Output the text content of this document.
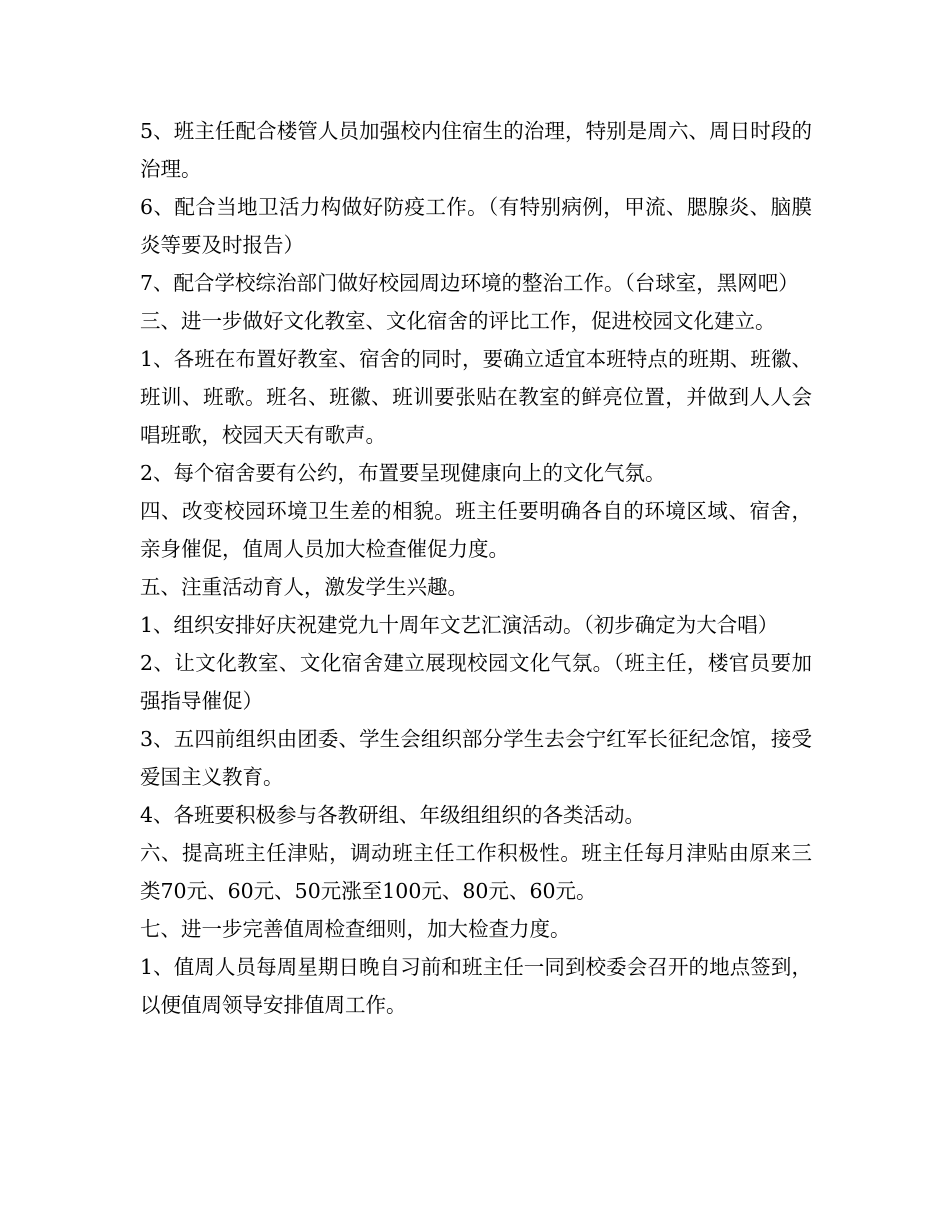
5、班主任配合楼管人员加强校内住宿生的治理，特别是周六、周日时段的治理。

6、配合当地卫活力构做好防疫工作。（有特别病例，甲流、腮腺炎、脑膜炎等要及时报告）

7、配合学校综治部门做好校园周边环境的整治工作。（台球室，黑网吧）

三、进一步做好文化教室、文化宿舍的评比工作，促进校园文化建立。

1、各班在布置好教室、宿舍的同时，要确立适宜本班特点的班期、班徽、班训、班歌。班名、班徽、班训要张贴在教室的鲜亮位置，并做到人人会唱班歌，校园天天有歌声。

2、每个宿舍要有公约，布置要呈现健康向上的文化气氛。

四、改变校园环境卫生差的相貌。班主任要明确各自的环境区域、宿舍，亲身催促，值周人员加大检查催促力度。

五、注重活动育人，激发学生兴趣。

1、组织安排好庆祝建党九十周年文艺汇演活动。（初步确定为大合唱）

2、让文化教室、文化宿舍建立展现校园文化气氛。（班主任，楼官员要加强指导催促）

3、五四前组织由团委、学生会组织部分学生去会宁红军长征纪念馆，接受爱国主义教育。

4、各班要积极参与各教研组、年级组组织的各类活动。

六、提高班主任津贴，调动班主任工作积极性。班主任每月津贴由原来三类70元、60元、50元涨至100元、80元、60元。

七、进一步完善值周检查细则，加大检查力度。

1、值周人员每周星期日晚自习前和班主任一同到校委会召开的地点签到，以便值周领导安排值周工作。
